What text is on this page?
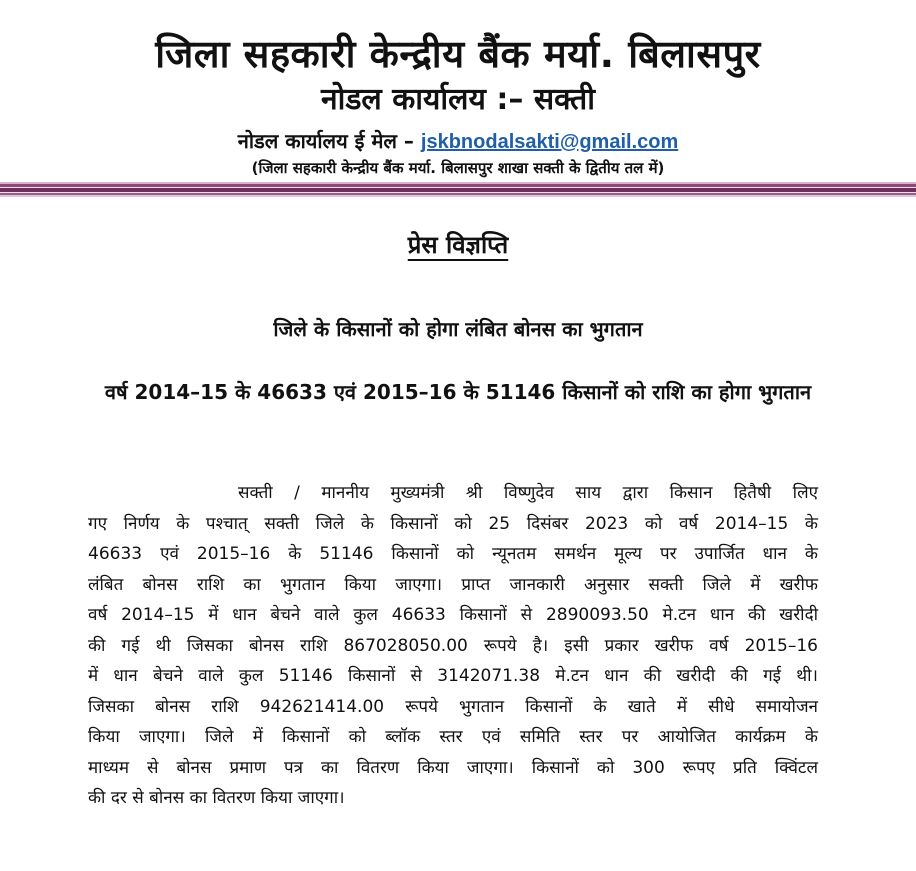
जिला सहकारी केन्द्रीय बैंक मर्या. बिलासपुर
नोडल कार्यालय :– सक्ती
नोडल कार्यालय ई मेल – jskbnodalsakti@gmail.com
(जिला सहकारी केन्द्रीय बैंक मर्या. बिलासपुर शाखा सक्ती के द्वितीय तल में)
प्रेस विज्ञप्ति
जिले के किसानों को होगा लंबित बोनस का भुगतान
वर्ष 2014–15 के 46633 एवं 2015–16 के 51146 किसानों को राशि का होगा भुगतान
सक्ती / माननीय मुख्यमंत्री श्री विष्णुदेव साय द्वारा किसान हितैषी लिए
गए निर्णय के पश्चात् सक्ती जिले के किसानों को 25 दिसंबर 2023 को वर्ष 2014–15 के
46633 एवं 2015–16 के 51146 किसानों को न्यूनतम समर्थन मूल्य पर उपार्जित धान के
लंबित बोनस राशि का भुगतान किया जाएगा। प्राप्त जानकारी अनुसार सक्ती जिले में खरीफ
वर्ष 2014–15 में धान बेचने वाले कुल 46633 किसानों से 2890093.50 मे.टन धान की खरीदी
की गई थी जिसका बोनस राशि 867028050.00 रूपये है। इसी प्रकार खरीफ वर्ष 2015–16
में धान बेचने वाले कुल 51146 किसानों से 3142071.38 मे.टन धान की खरीदी की गई थी।
जिसका बोनस राशि 942621414.00 रूपये भुगतान किसानों के खाते में सीधे समायोजन
किया जाएगा। जिले में किसानों को ब्लॉक स्तर एवं समिति स्तर पर आयोजित कार्यक्रम के
माध्यम से बोनस प्रमाण पत्र का वितरण किया जाएगा। किसानों को 300 रूपए प्रति क्विंटल
की दर से बोनस का वितरण किया जाएगा।
